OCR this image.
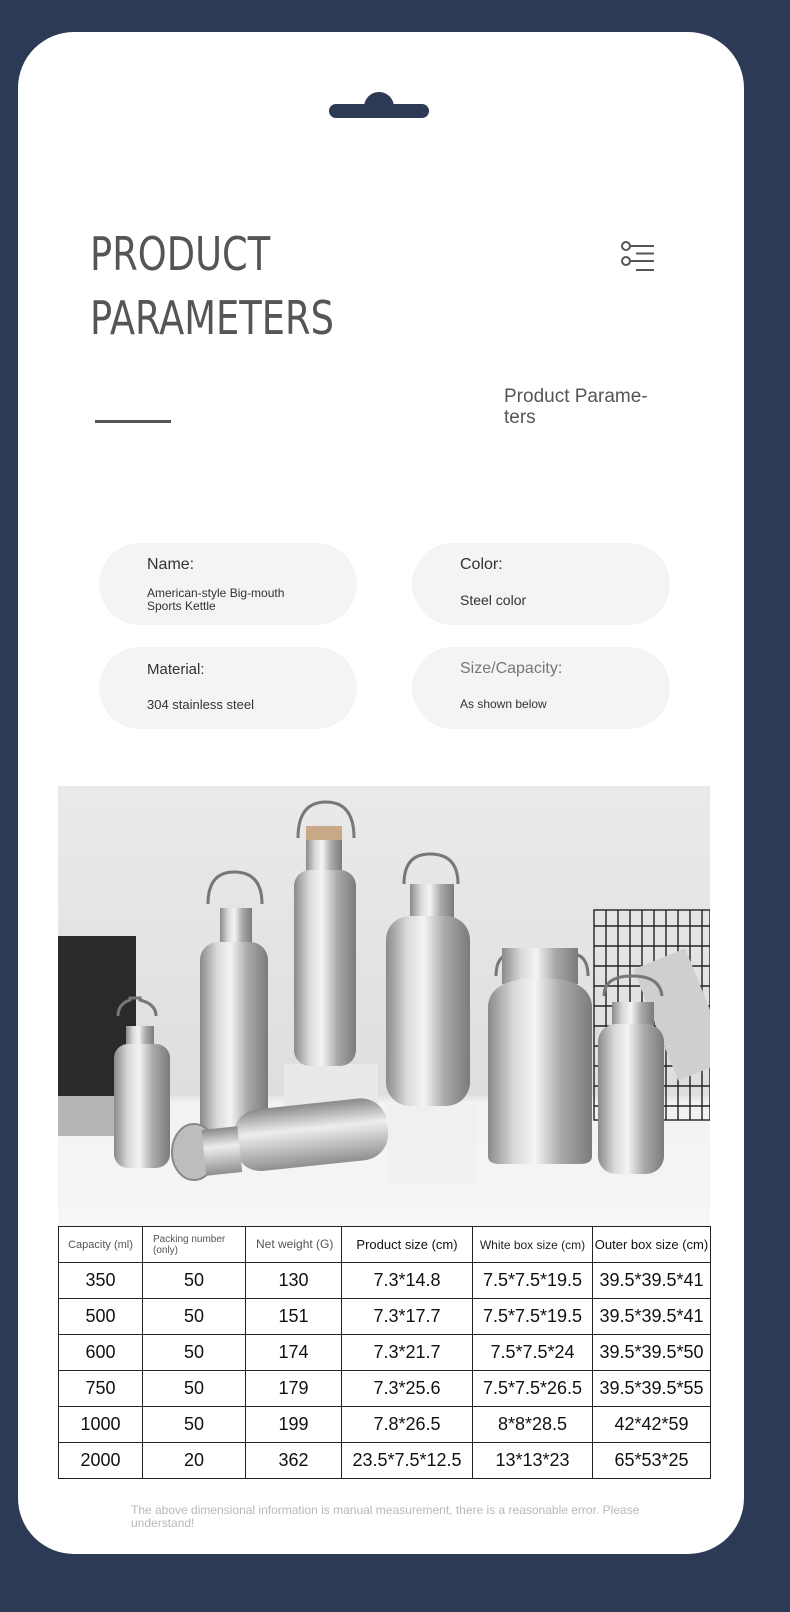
PRODUCT
PARAMETERS
Product Parame-ters
Name:
American-style Big-mouth Sports Kettle
Color:
Steel color
Material:
304 stainless steel
Size/Capacity:
As shown below
Capacity (ml)	Packing number (only)	Net weight (G)	Product size (cm)	White box size (cm)	Outer box size (cm)
350	50	130	7.3*14.8	7.5*7.5*19.5	39.5*39.5*41
500	50	151	7.3*17.7	7.5*7.5*19.5	39.5*39.5*41
600	50	174	7.3*21.7	7.5*7.5*24	39.5*39.5*50
750	50	179	7.3*25.6	7.5*7.5*26.5	39.5*39.5*55
1000	50	199	7.8*26.5	8*8*28.5	42*42*59
2000	20	362	23.5*7.5*12.5	13*13*23	65*53*25
The above dimensional information is manual measurement, there is a reasonable error. Please understand!
